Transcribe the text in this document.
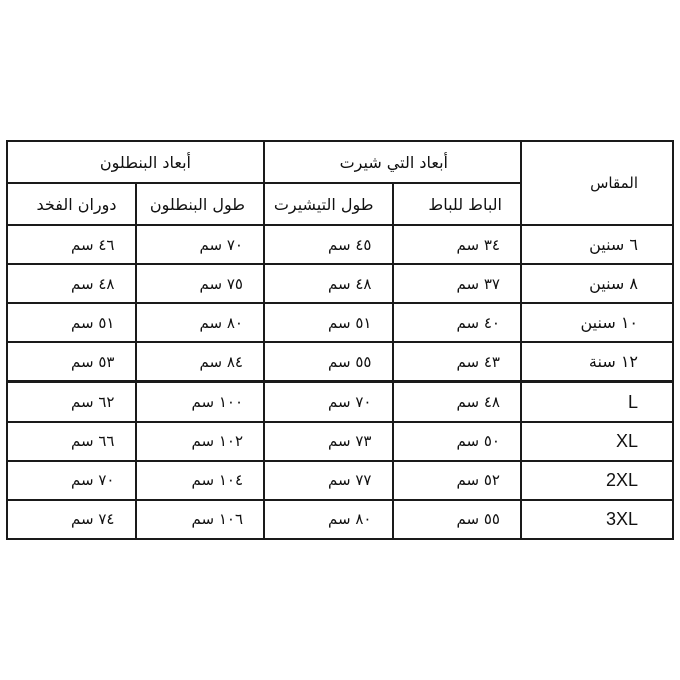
المقاس	أبعاد التي شيرت		أبعاد البنطلون	
	الباط للباط	طول التيشيرت	طول البنطلون	دوران الفخد
٦ سنين	٣٤ سم	٤٥ سم	٧٠ سم	٤٦ سم
٨ سنين	٣٧ سم	٤٨ سم	٧٥ سم	٤٨ سم
١٠ سنين	٤٠ سم	٥١ سم	٨٠ سم	٥١ سم
١٢ سنة	٤٣ سم	٥٥ سم	٨٤ سم	٥٣ سم
L	٤٨ سم	٧٠ سم	١٠٠ سم	٦٢ سم
XL	٥٠ سم	٧٣ سم	١٠٢ سم	٦٦ سم
2XL	٥٢ سم	٧٧ سم	١٠٤ سم	٧٠ سم
3XL	٥٥ سم	٨٠ سم	١٠٦ سم	٧٤ سم
